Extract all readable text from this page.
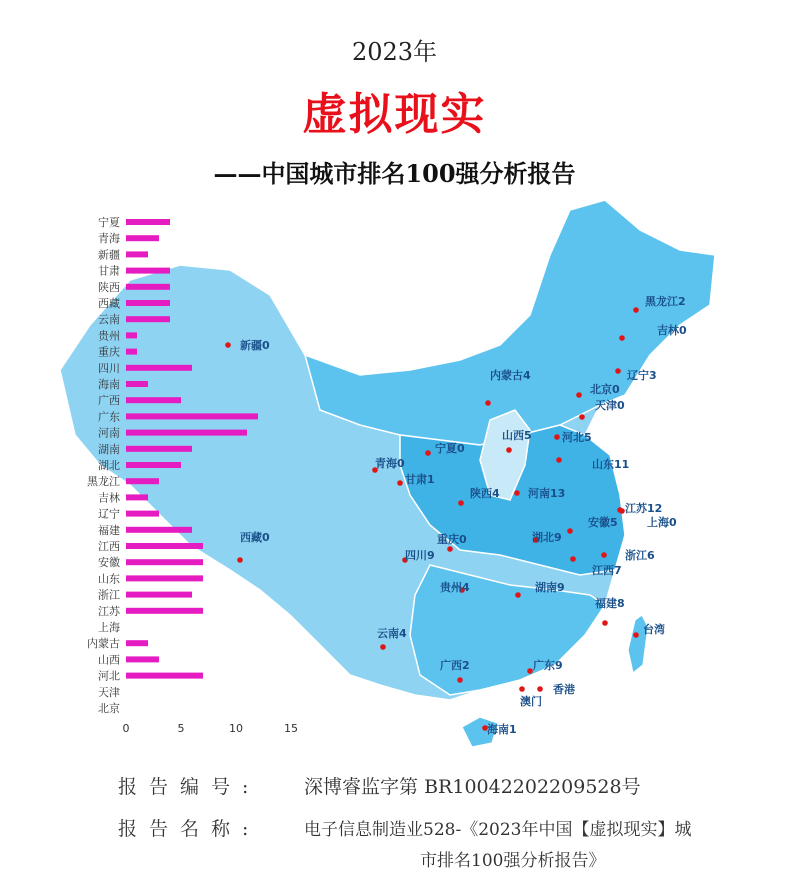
2023年
虚拟现实
——中国城市排名100强分析报告
新疆0
西藏0
青海0
甘肃1
宁夏0
内蒙古4
黑龙江2
吉林0
辽宁3
北京0
天津0
河北5
山西5
山东11
陕西4	河南13
江苏12
上海0
安徽5
湖北9
重庆0
四川9	浙江6
江西7
贵州4	湖南9
福建8
台湾
云南4
广西2	广东9
香港
澳门
海南1
宁夏
青海
新疆
甘肃
陕西
西藏
云南
贵州
重庆
四川
海南
广西
广东
河南
湖南
湖北
黑龙江
吉林
辽宁
福建
江西
安徽
山东
浙江
江苏
上海
内蒙古
山西
河北
天津
北京
0	5	10	15
报告编号: 深博睿监字第 BR10042202209528号
报告名称:	电子信息制造业528-《2023年中国【虚拟现实】城
市排名100强分析报告》
